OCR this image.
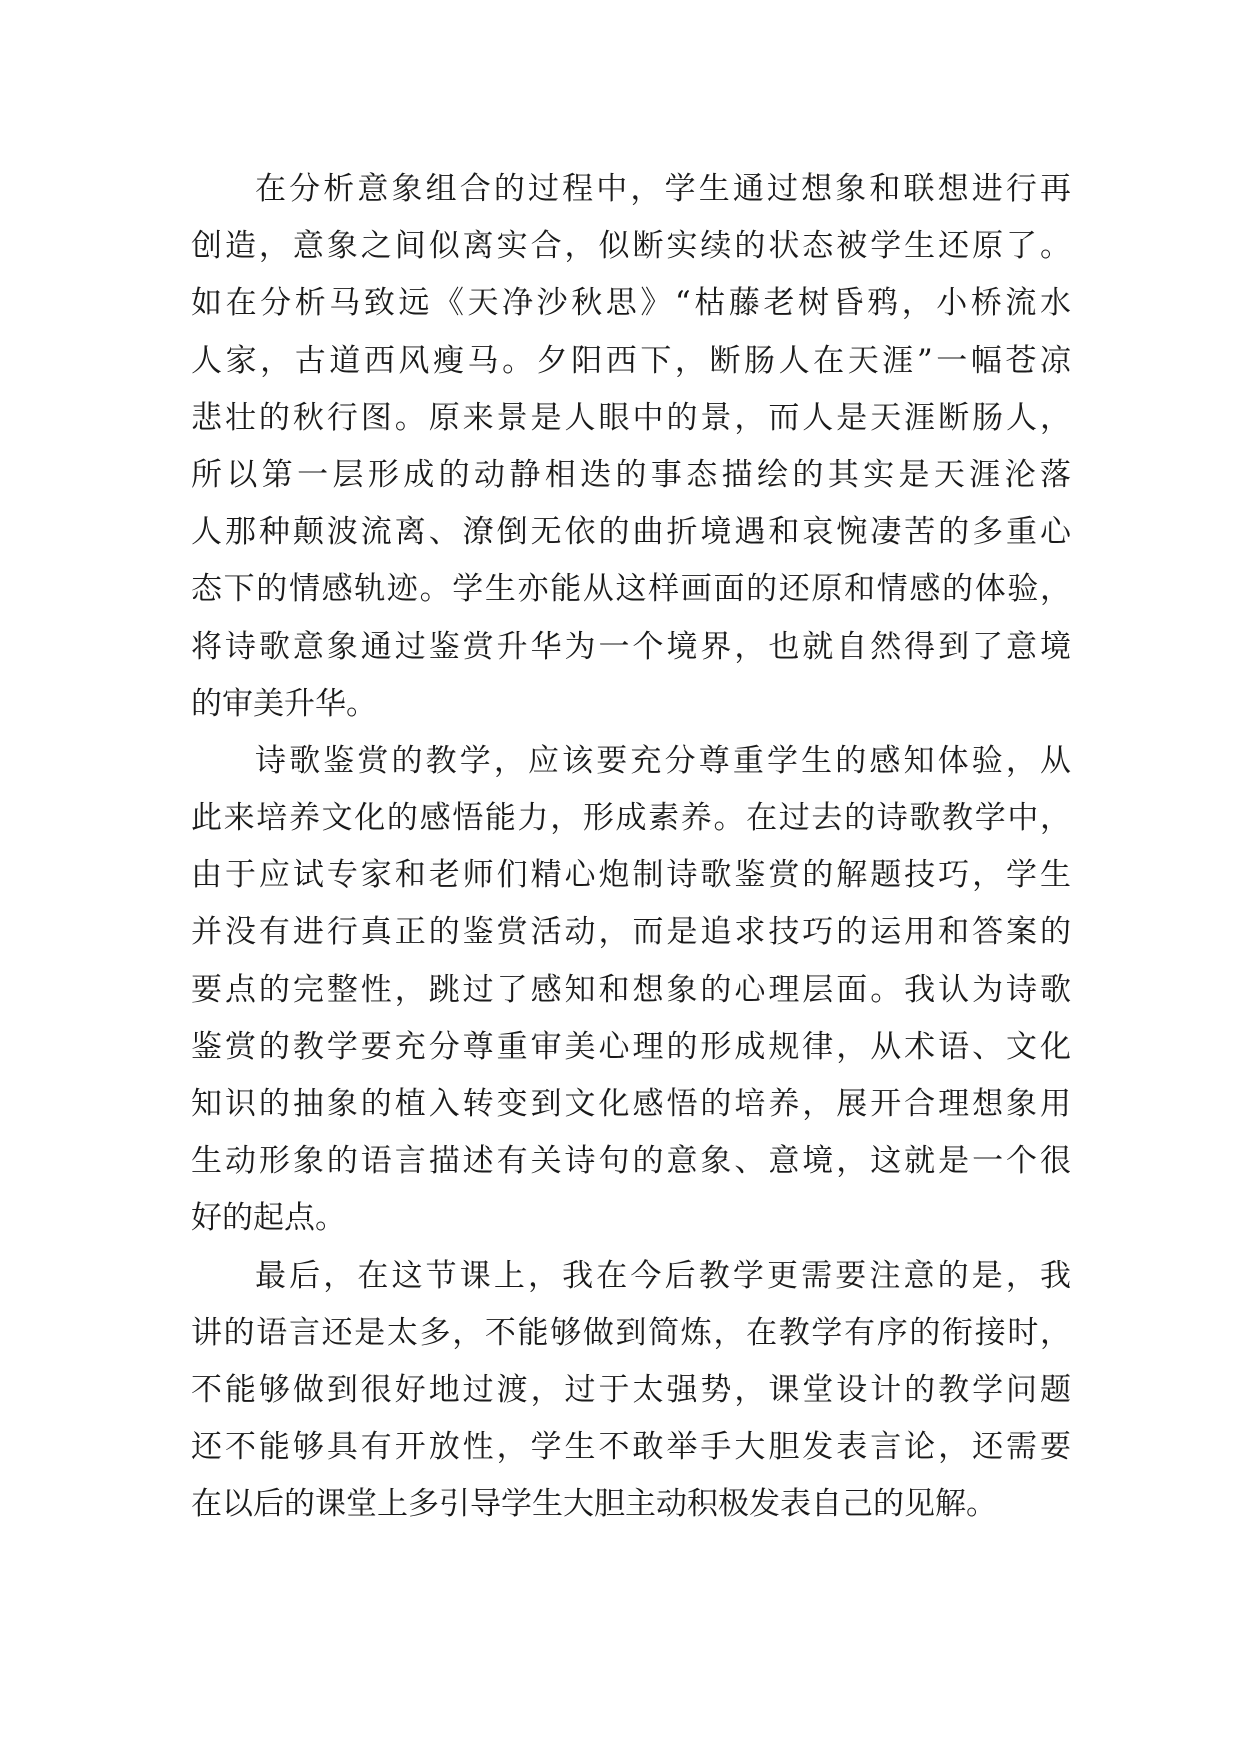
在分析意象组合的过程中，学生通过想象和联想进行再
创造，意象之间似离实合，似断实续的状态被学生还原了。
如在分析马致远《天净沙秋思》“枯藤老树昏鸦，小桥流水
人家，古道西风瘦马。夕阳西下，断肠人在天涯”一幅苍凉
悲壮的秋行图。原来景是人眼中的景，而人是天涯断肠人，
所以第一层形成的动静相迭的事态描绘的其实是天涯沦落
人那种颠波流离、潦倒无依的曲折境遇和哀惋凄苦的多重心
态下的情感轨迹。学生亦能从这样画面的还原和情感的体验，
将诗歌意象通过鉴赏升华为一个境界，也就自然得到了意境
的审美升华。
诗歌鉴赏的教学，应该要充分尊重学生的感知体验，从
此来培养文化的感悟能力，形成素养。在过去的诗歌教学中，
由于应试专家和老师们精心炮制诗歌鉴赏的解题技巧，学生
并没有进行真正的鉴赏活动，而是追求技巧的运用和答案的
要点的完整性，跳过了感知和想象的心理层面。我认为诗歌
鉴赏的教学要充分尊重审美心理的形成规律，从术语、文化
知识的抽象的植入转变到文化感悟的培养，展开合理想象用
生动形象的语言描述有关诗句的意象、意境，这就是一个很
好的起点。
最后，在这节课上，我在今后教学更需要注意的是，我
讲的语言还是太多，不能够做到简炼，在教学有序的衔接时，
不能够做到很好地过渡，过于太强势，课堂设计的教学问题
还不能够具有开放性，学生不敢举手大胆发表言论，还需要
在以后的课堂上多引导学生大胆主动积极发表自己的见解。
